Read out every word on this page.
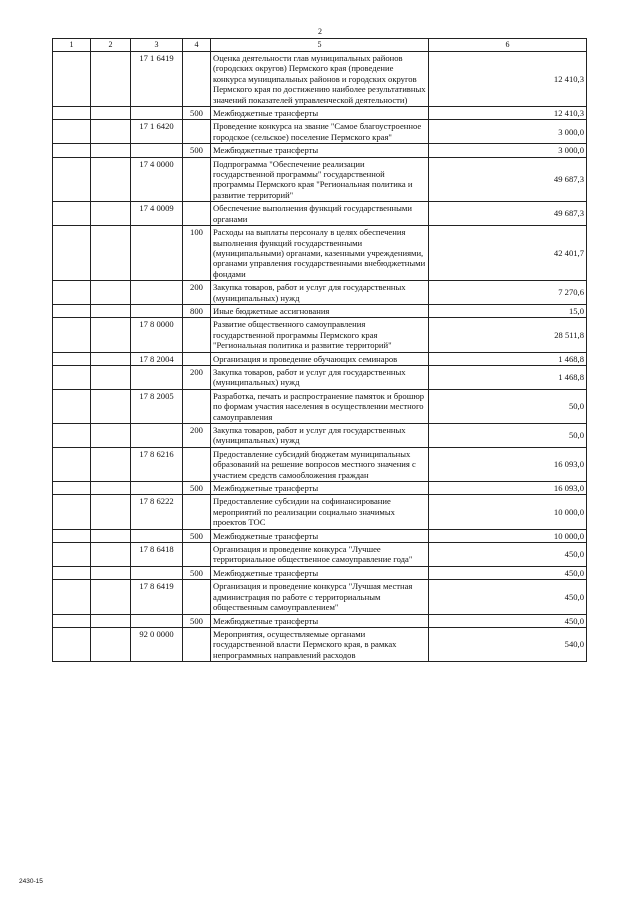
2
1	2	3	4	5	6
		17 1 6419		Оценка деятельности глав муниципальных районов (городских округов) Пермского края (проведение конкурса муниципальных районов и городских округов Пермского края по достижению наиболее результативных значений показателей управленческой деятельности)	12 410,3
			500	Межбюджетные трансферты	12 410,3
		17 1 6420		Проведение конкурса на звание "Самое благоустроенное городское (сельское) поселение Пермского края"	3 000,0
			500	Межбюджетные трансферты	3 000,0
		17 4 0000		Подпрограмма "Обеспечение реализации государственной программы" государственной программы Пермского края "Региональная политика и развитие территорий"	49 687,3
		17 4 0009		Обеспечение выполнения функций государственными органами	49 687,3
			100	Расходы на выплаты персоналу в целях обеспечения выполнения функций государственными (муниципальными) органами, казенными учреждениями, органами управления государственными внебюджетными фондами	42 401,7
			200	Закупка товаров, работ и услуг для государственных (муниципальных) нужд	7 270,6
			800	Иные бюджетные ассигнования	15,0
		17 8 0000		Развитие общественного самоуправления государственной программы Пермского края "Региональная политика и развитие территорий"	28 511,8
		17 8 2004		Организация и проведение обучающих семинаров	1 468,8
			200	Закупка товаров, работ и услуг для государственных (муниципальных) нужд	1 468,8
		17 8 2005		Разработка, печать и распространение памяток и брошюр по формам участия населения в осуществлении местного самоуправления	50,0
			200	Закупка товаров, работ и услуг для государственных (муниципальных) нужд	50,0
		17 8 6216		Предоставление субсидий бюджетам муниципальных образований на решение вопросов местного значения с участием средств самообложения граждан	16 093,0
			500	Межбюджетные трансферты	16 093,0
		17 8 6222		Предоставление субсидии на софинансирование мероприятий по реализации социально значимых проектов ТОС	10 000,0
			500	Межбюджетные трансферты	10 000,0
		17 8 6418		Организация и проведение конкурса "Лучшее территориальное общественное самоуправление года"	450,0
			500	Межбюджетные трансферты	450,0
		17 8 6419		Организация и проведение конкурса "Лучшая местная администрация по работе с территориальным общественным самоуправлением"	450,0
			500	Межбюджетные трансферты	450,0
		92 0 0000		Мероприятия, осуществляемые органами государственной власти Пермского края, в рамках непрограммных направлений расходов	540,0
2430-15
